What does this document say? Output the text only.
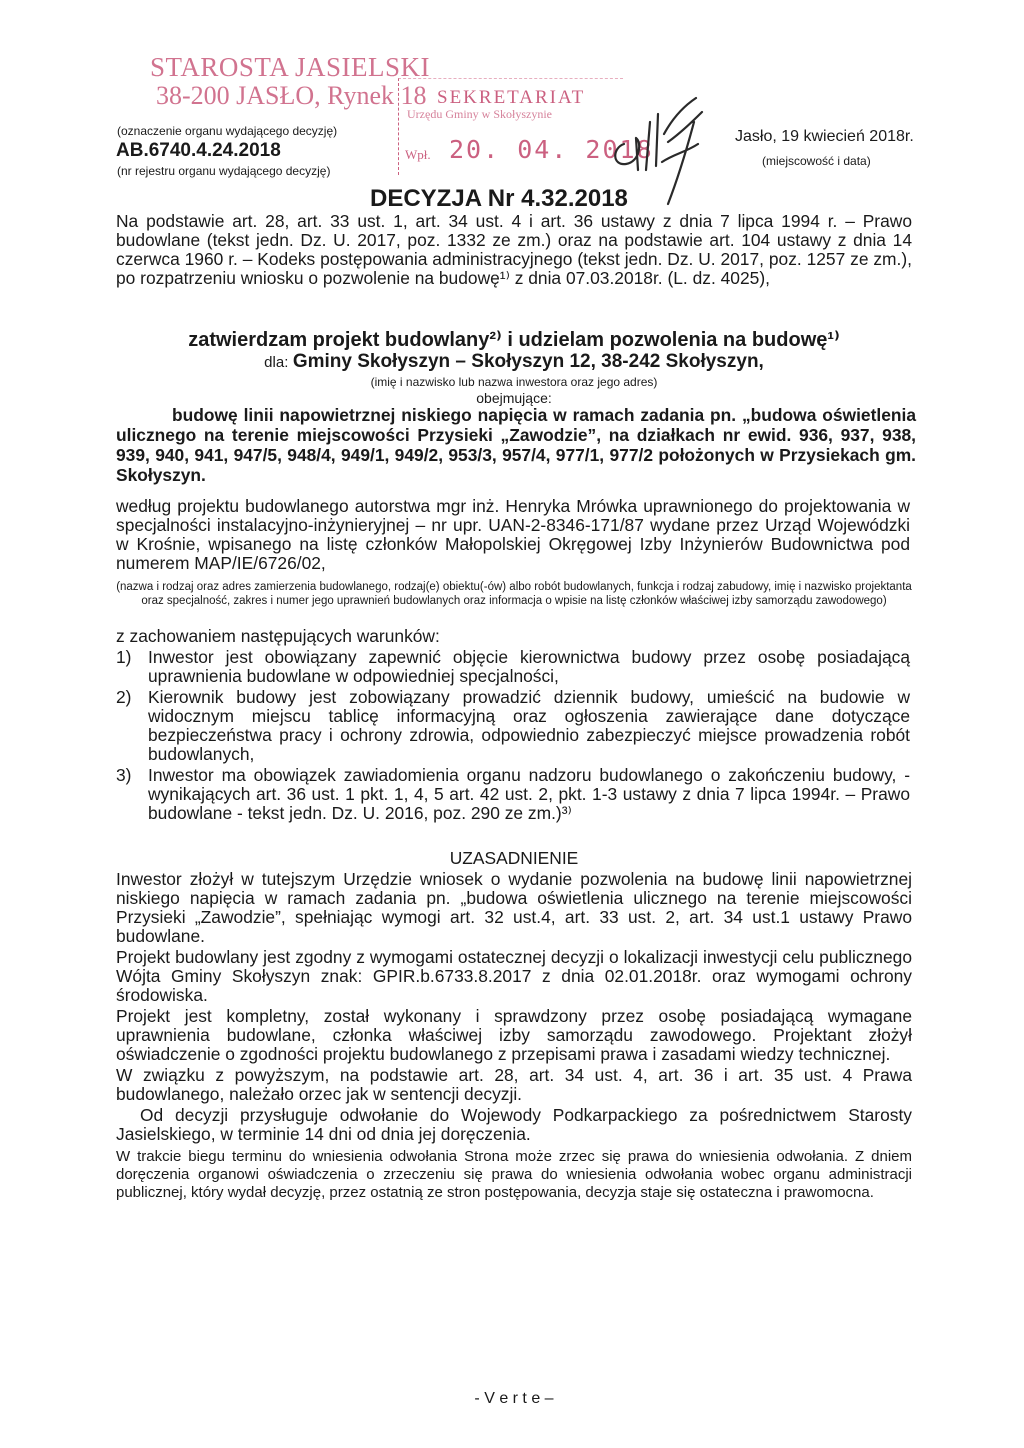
STAROSTA JASIELSKI
38-200 JASŁO, Rynek 18
(oznaczenie organu wydającego decyzję)
AB.6740.4.24.2018
(nr rejestru organu wydającego decyzję)
SEKRETARIAT
Urzędu Gminy w Skołyszynie
Wpł. 20. 04. 2018	Jasło, 19 kwiecień 2018r.
(miejscowość i data)
DECYZJA Nr 4.32.2018
Na podstawie art. 28, art. 33 ust. 1, art. 34 ust. 4 i art. 36 ustawy z dnia 7 lipca 1994 r. – Prawo budowlane (tekst jedn. Dz. U. 2017, poz. 1332 ze zm.) oraz na podstawie art. 104 ustawy z dnia 14 czerwca 1960 r. – Kodeks postępowania administracyjnego (tekst jedn. Dz. U. 2017, poz. 1257 ze zm.), po rozpatrzeniu wniosku o pozwolenie na budowę¹⁾ z dnia 07.03.2018r. (L. dz. 4025),
zatwierdzam projekt budowlany²⁾ i udzielam pozwolenia na budowę¹⁾
dla: Gminy Skołyszyn – Skołyszyn 12, 38-242 Skołyszyn,
(imię i nazwisko lub nazwa inwestora oraz jego adres)
obejmujące:
budowę linii napowietrznej niskiego napięcia w ramach zadania pn. „budowa oświetlenia ulicznego na terenie miejscowości Przysieki „Zawodzie”, na działkach nr ewid. 936, 937, 938, 939, 940, 941, 947/5, 948/4, 949/1, 949/2, 953/3, 957/4, 977/1, 977/2 położonych w Przysiekach gm. Skołyszyn.
według projektu budowlanego autorstwa mgr inż. Henryka Mrówka uprawnionego do projektowania w specjalności instalacyjno-inżynieryjnej – nr upr. UAN-2-8346-171/87 wydane przez Urząd Wojewódzki w Krośnie, wpisanego na listę członków Małopolskiej Okręgowej Izby Inżynierów Budownictwa pod numerem MAP/IE/6726/02,
(nazwa i rodzaj oraz adres zamierzenia budowlanego, rodzaj(e) obiektu(-ów) albo robót budowlanych, funkcja i rodzaj zabudowy, imię i nazwisko projektanta oraz specjalność, zakres i numer jego uprawnień budowlanych oraz informacja o wpisie na listę członków właściwej izby samorządu zawodowego)
z zachowaniem następujących warunków:
1) Inwestor jest obowiązany zapewnić objęcie kierownictwa budowy przez osobę posiadającą uprawnienia budowlane w odpowiedniej specjalności,
2) Kierownik budowy jest zobowiązany prowadzić dziennik budowy, umieścić na budowie w widocznym miejscu tablicę informacyjną oraz ogłoszenia zawierające dane dotyczące bezpieczeństwa pracy i ochrony zdrowia, odpowiednio zabezpieczyć miejsce prowadzenia robót budowlanych,
3) Inwestor ma obowiązek zawiadomienia organu nadzoru budowlanego o zakończeniu budowy, - wynikających art. 36 ust. 1 pkt. 1, 4, 5 art. 42 ust. 2, pkt. 1-3 ustawy z dnia 7 lipca 1994r. – Prawo budowlane - tekst jedn. Dz. U. 2016, poz. 290 ze zm.)³⁾
UZASADNIENIE
Inwestor złożył w tutejszym Urzędzie wniosek o wydanie pozwolenia na budowę linii napowietrznej niskiego napięcia w ramach zadania pn. „budowa oświetlenia ulicznego na terenie miejscowości Przysieki „Zawodzie”, spełniając wymogi art. 32 ust.4, art. 33 ust. 2, art. 34 ust.1 ustawy Prawo budowlane.
Projekt budowlany jest zgodny z wymogami ostatecznej decyzji o lokalizacji inwestycji celu publicznego Wójta Gminy Skołyszyn znak: GPIR.b.6733.8.2017 z dnia 02.01.2018r. oraz wymogami ochrony środowiska.
Projekt jest kompletny, został wykonany i sprawdzony przez osobę posiadającą wymagane uprawnienia budowlane, członka właściwej izby samorządu zawodowego. Projektant złożył oświadczenie o zgodności projektu budowlanego z przepisami prawa i zasadami wiedzy technicznej.
W związku z powyższym, na podstawie art. 28, art. 34 ust. 4, art. 36 i art. 35 ust. 4 Prawa budowlanego, należało orzec jak w sentencji decyzji.
Od decyzji przysługuje odwołanie do Wojewody Podkarpackiego za pośrednictwem Starosty Jasielskiego, w terminie 14 dni od dnia jej doręczenia.
W trakcie biegu terminu do wniesienia odwołania Strona może zrzec się prawa do wniesienia odwołania. Z dniem doręczenia organowi oświadczenia o zrzeczeniu się prawa do wniesienia odwołania wobec organu administracji publicznej, który wydał decyzję, przez ostatnią ze stron postępowania, decyzja staje się ostateczna i prawomocna.
- V e r t e –
